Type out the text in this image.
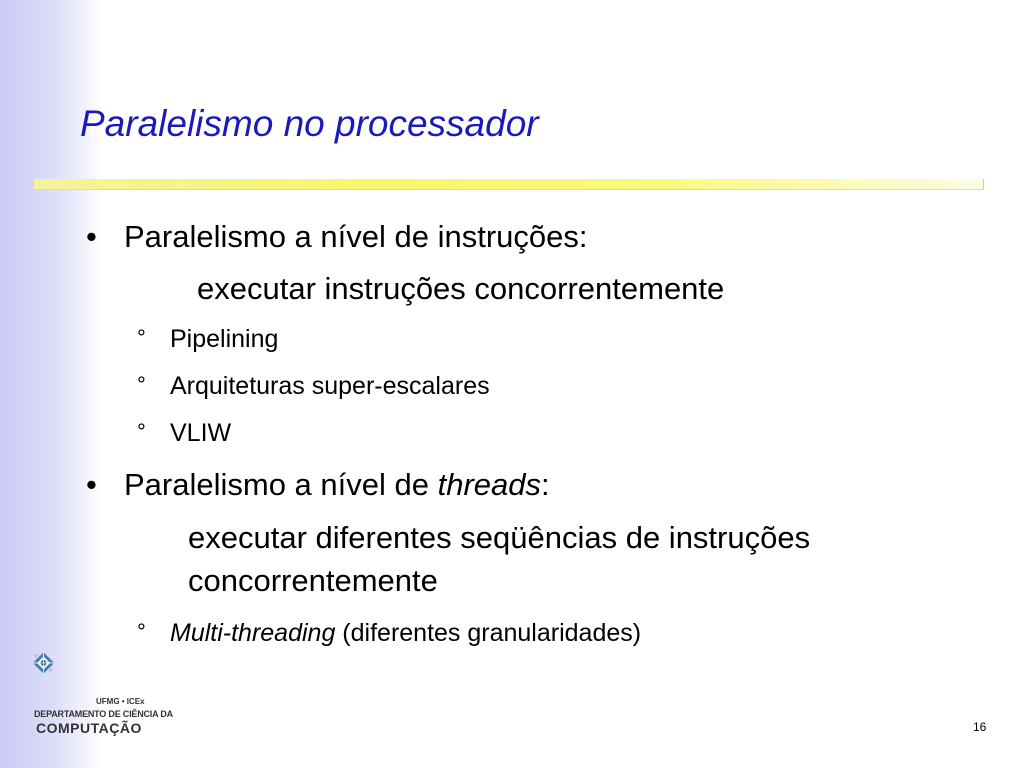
Paralelismo no processador
• Paralelismo a nível de instruções:

executar instruções concorrentemente

° Pipelining

° Arquiteturas super-escalares

° VLIW

• Paralelismo a nível de threads:

executar diferentes seqüências de instruções

concorrentemente

° Multi-threading (diferentes granularidades)

UFMG • ICEx
DEPARTAMENTO DE CIÊNCIA DA
COMPUTAÇÃO	16
